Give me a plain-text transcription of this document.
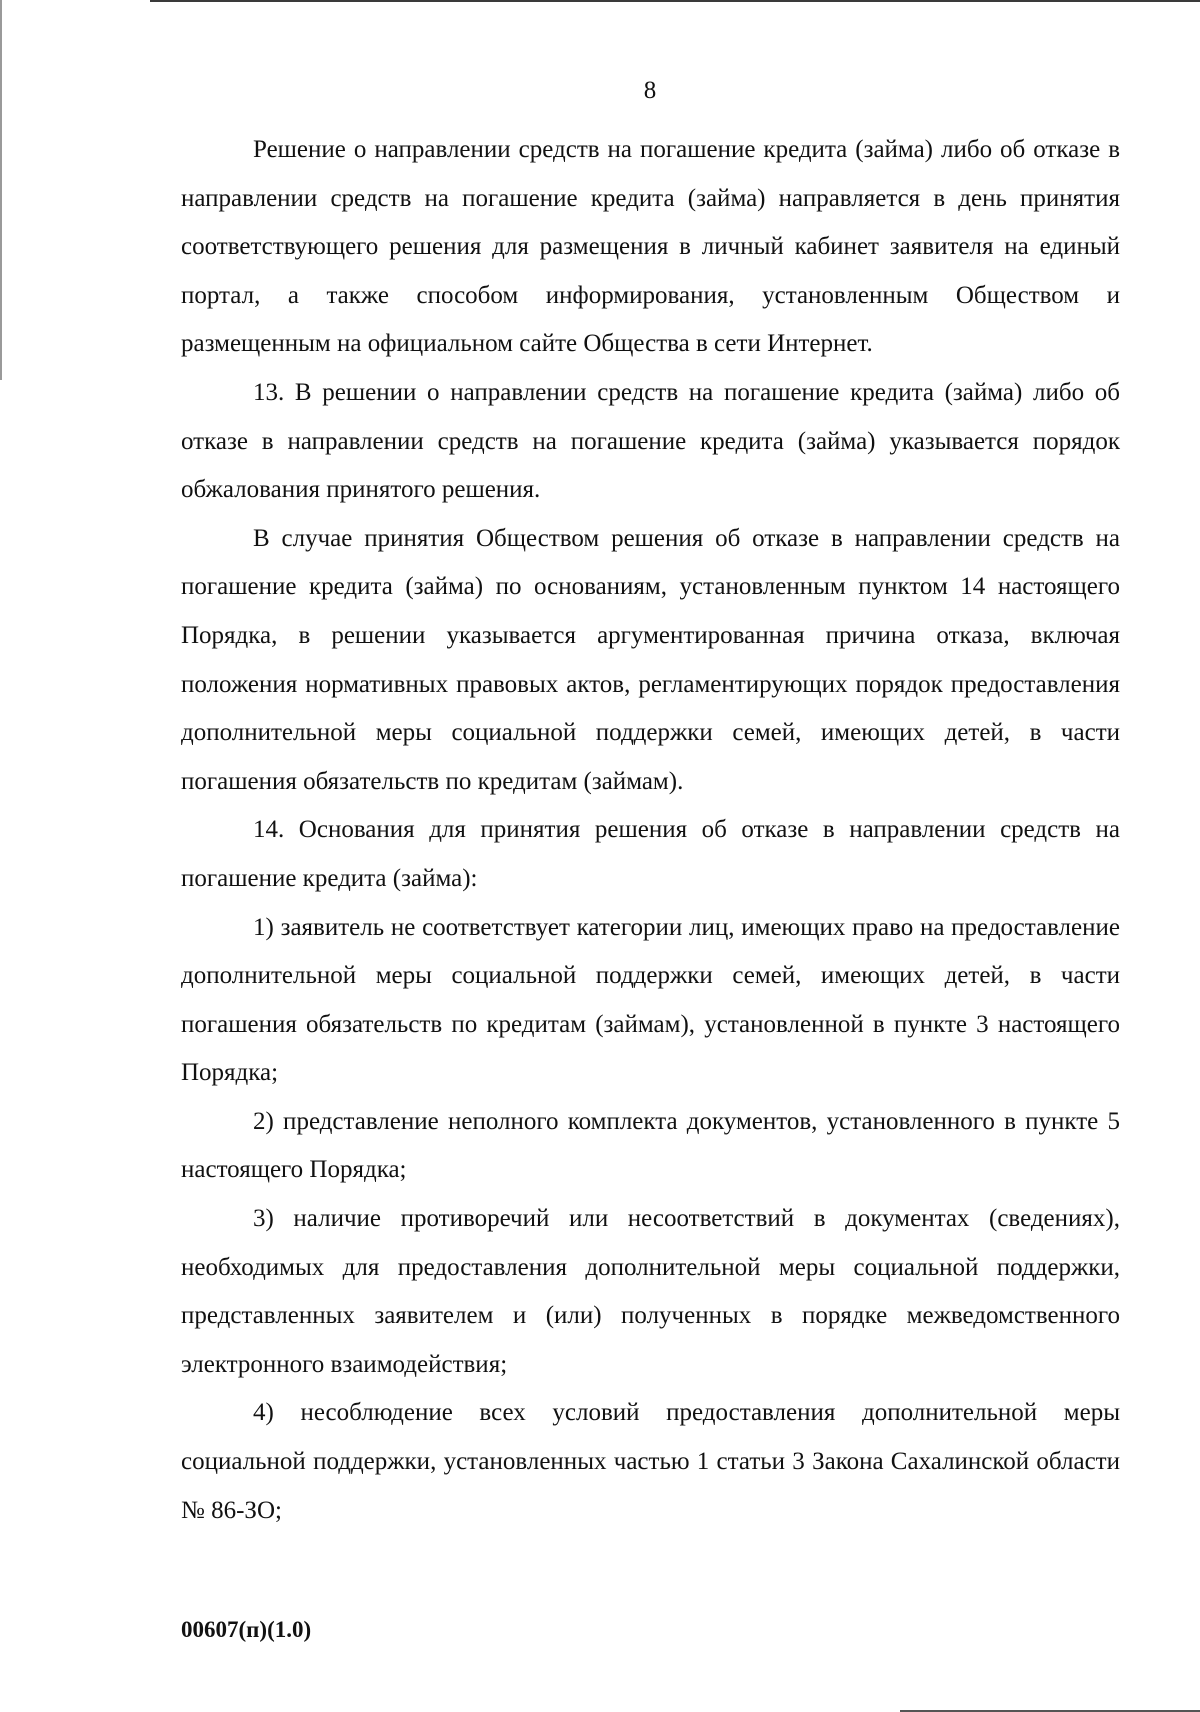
8

Решение о направлении средств на погашение кредита (займа) либо об отказе в направлении средств на погашение кредита (займа) направляется в день принятия соответствующего решения для размещения в личный кабинет заявителя на единый портал, а также способом информирования, установленным Обществом и размещенным на официальном сайте Общества в сети Интернет.

13. В решении о направлении средств на погашение кредита (займа) либо об отказе в направлении средств на погашение кредита (займа) указывается порядок обжалования принятого решения.

В случае принятия Обществом решения об отказе в направлении средств на погашение кредита (займа) по основаниям, установленным пунктом 14 настоящего Порядка, в решении указывается аргументированная причина отказа, включая положения нормативных правовых актов, регламентирующих порядок предоставления дополнительной меры социальной поддержки семей, имеющих детей, в части погашения обязательств по кредитам (займам).

14. Основания для принятия решения об отказе в направлении средств на погашение кредита (займа):

1) заявитель не соответствует категории лиц, имеющих право на предоставление дополнительной меры социальной поддержки семей, имеющих детей, в части погашения обязательств по кредитам (займам), установленной в пункте 3 настоящего Порядка;

2) представление неполного комплекта документов, установленного в пункте 5 настоящего Порядка;

3) наличие противоречий или несоответствий в документах (сведениях), необходимых для предоставления дополнительной меры социальной поддержки, представленных заявителем и (или) полученных в порядке межведомственного электронного взаимодействия;

4) несоблюдение всех условий предоставления дополнительной меры социальной поддержки, установленных частью 1 статьи 3 Закона Сахалинской области № 86-ЗО;

00607(п)(1.0)
